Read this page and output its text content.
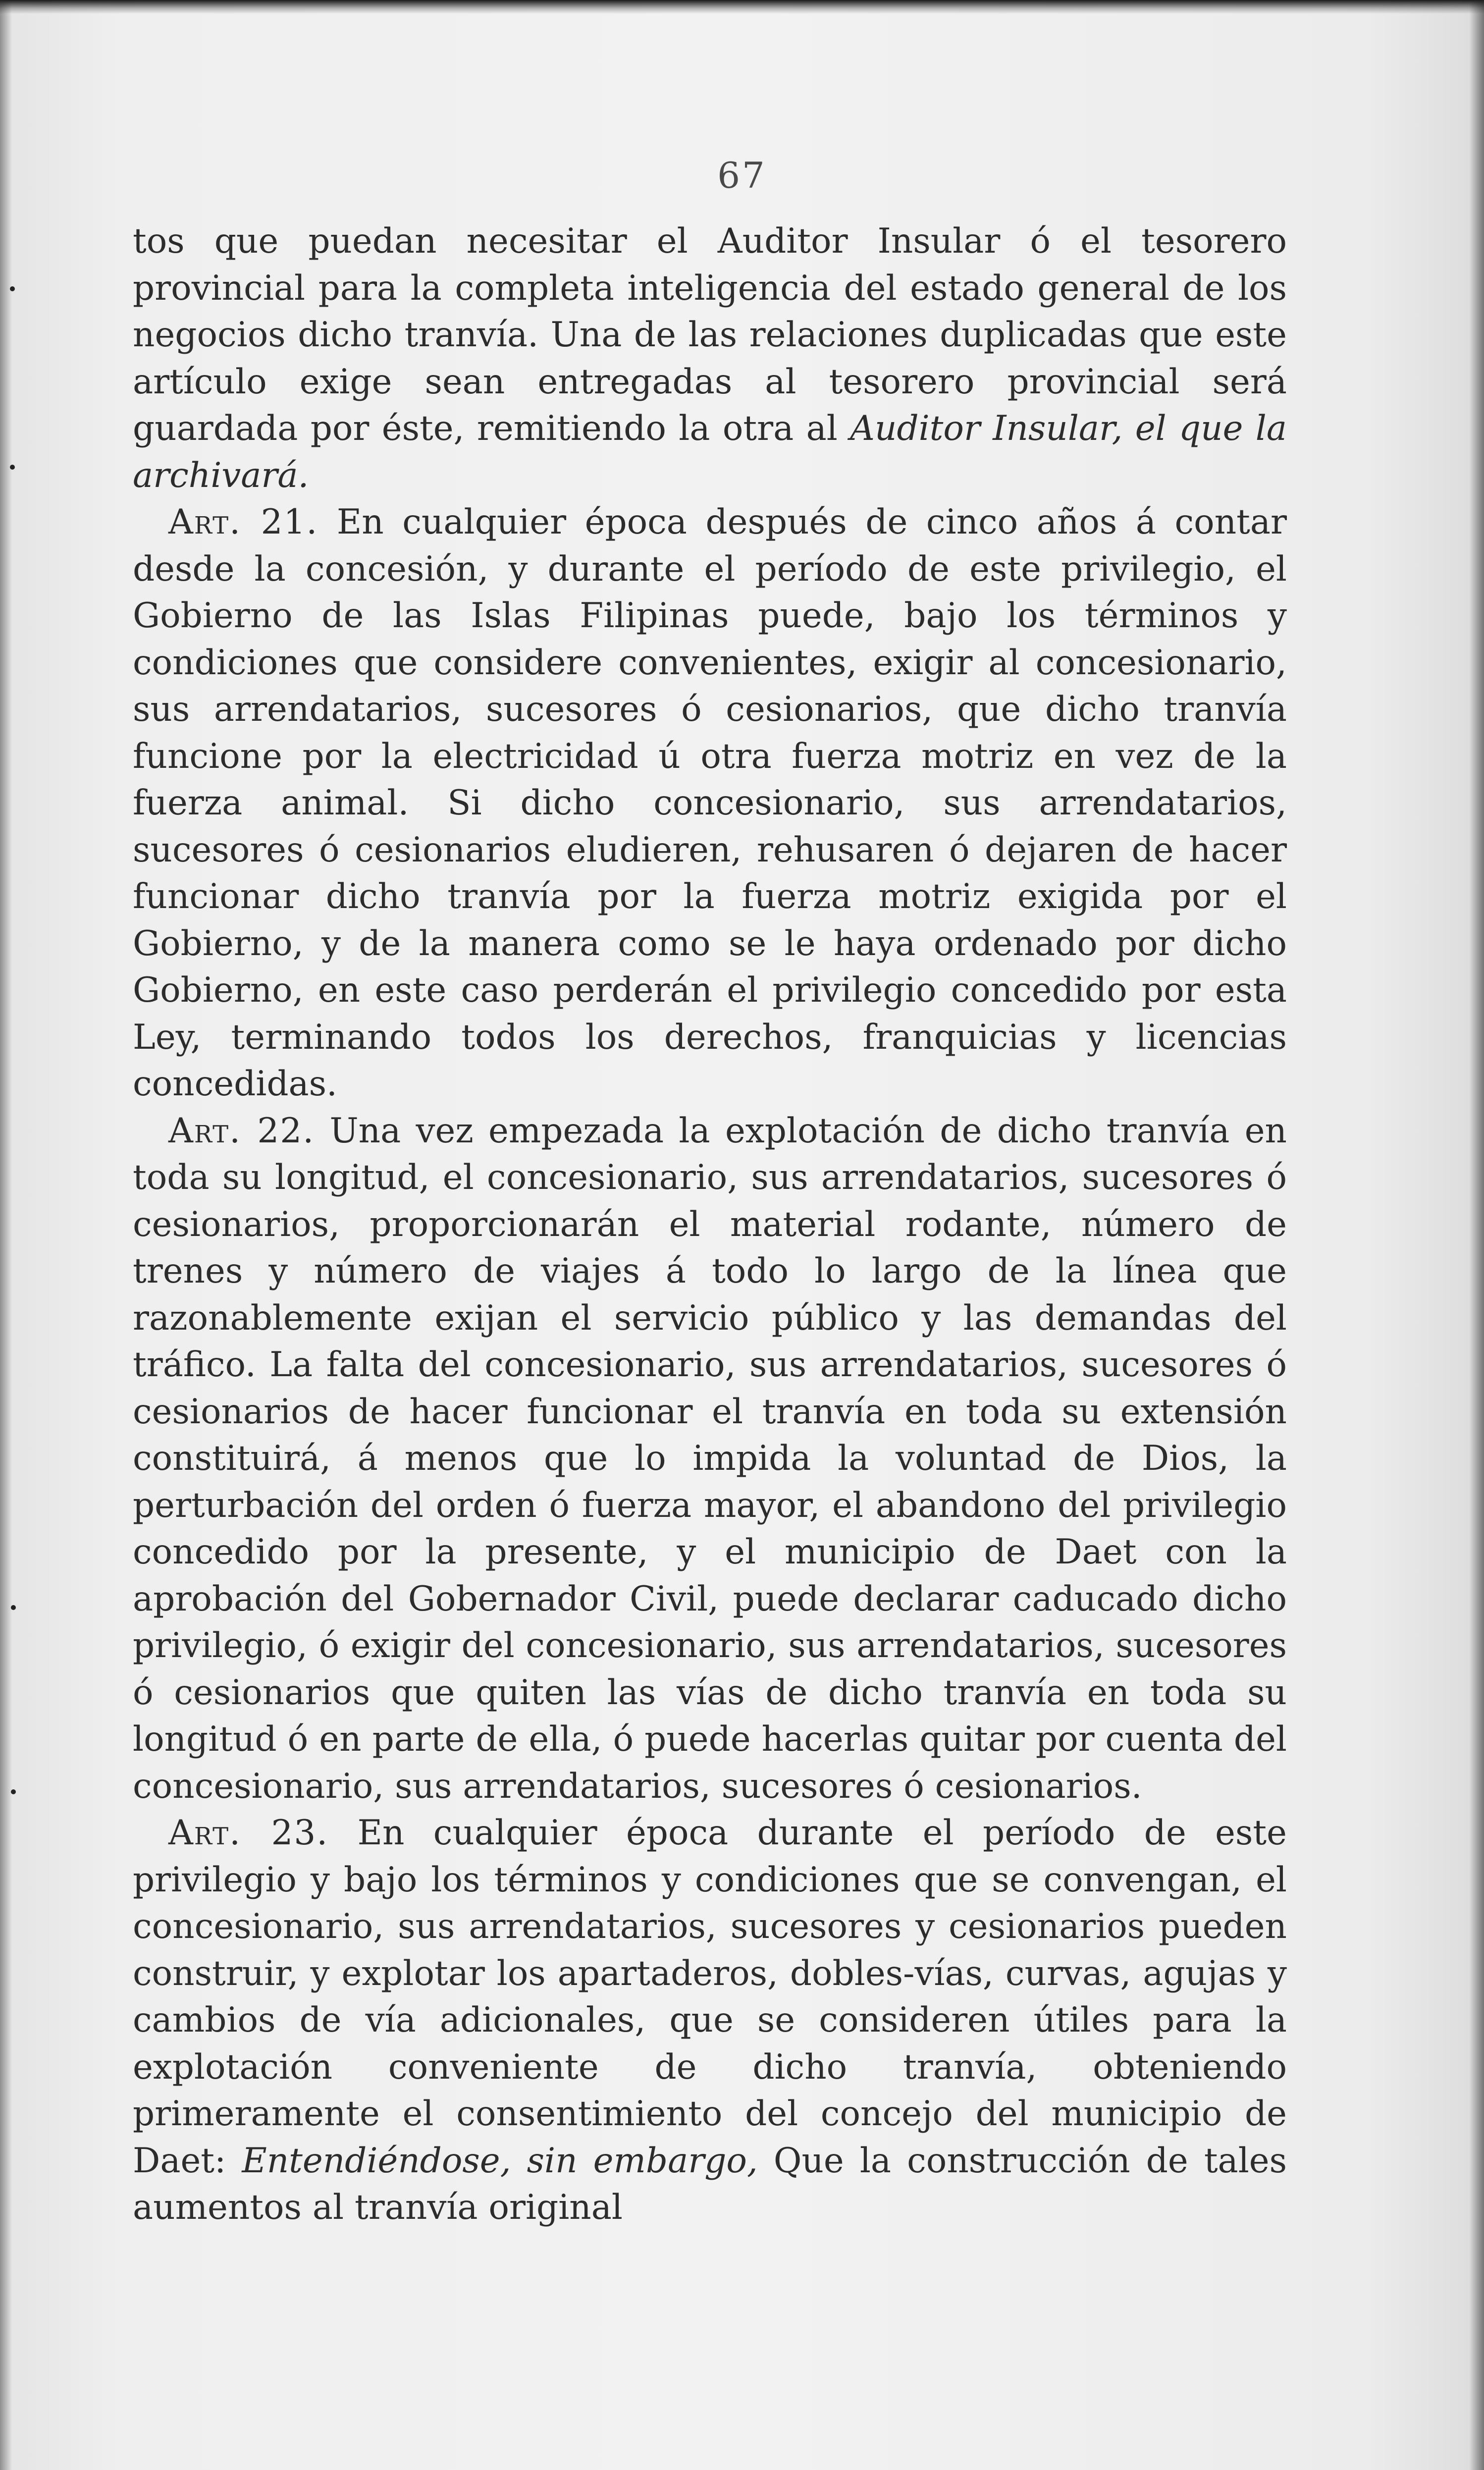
67

tos que puedan necesitar el Auditor Insular ó el tesorero provincial para la completa inteligencia del estado general de los negocios dicho tranvía. Una de las relaciones duplicadas que este artículo exige sean entregadas al tesorero provincial será guardada por éste, remitiendo la otra al Auditor Insular, el que la archivará.

Art. 21. En cualquier época después de cinco años á contar desde la concesión, y durante el período de este privilegio, el Gobierno de las Islas Filipinas puede, bajo los términos y condiciones que considere convenientes, exigir al concesionario, sus arrendatarios, sucesores ó cesionarios, que dicho tranvía funcione por la electricidad ú otra fuerza motriz en vez de la fuerza animal. Si dicho concesionario, sus arrendatarios, sucesores ó cesionarios eludieren, rehusaren ó dejaren de hacer funcionar dicho tranvía por la fuerza motriz exigida por el Gobierno, y de la manera como se le haya ordenado por dicho Gobierno, en este caso perderán el privilegio concedido por esta Ley, terminando todos los derechos, franquicias y licencias concedidas.

Art. 22. Una vez empezada la explotación de dicho tranvía en toda su longitud, el concesionario, sus arrendatarios, sucesores ó cesionarios, proporcionarán el material rodante, número de trenes y número de viajes á todo lo largo de la línea que razonablemente exijan el servicio público y las demandas del tráfico. La falta del concesionario, sus arrendatarios, sucesores ó cesionarios de hacer funcionar el tranvía en toda su extensión constituirá, á menos que lo impida la voluntad de Dios, la perturbación del orden ó fuerza mayor, el abandono del privilegio concedido por la presente, y el municipio de Daet con la aprobación del Gobernador Civil, puede declarar caducado dicho privilegio, ó exigir del concesionario, sus arrendatarios, sucesores ó cesionarios que quiten las vías de dicho tranvía en toda su longitud ó en parte de ella, ó puede hacerlas quitar por cuenta del concesionario, sus arrendatarios, sucesores ó cesionarios.

Art. 23. En cualquier época durante el período de este privilegio y bajo los términos y condiciones que se convengan, el concesionario, sus arrendatarios, sucesores y cesionarios pueden construir, y explotar los apartaderos, dobles-vías, curvas, agujas y cambios de vía adicionales, que se consideren útiles para la explotación conveniente de dicho tranvía, obteniendo primeramente el consentimiento del concejo del municipio de Daet: Entendiéndose, sin embargo, Que la construcción de tales aumentos al tranvía original
